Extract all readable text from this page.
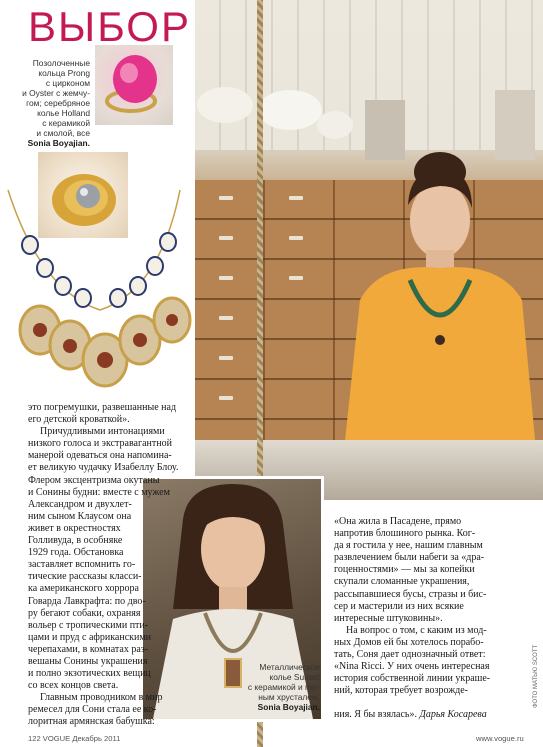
ВЫБОР
Позолоченные
кольца Prong
с цирконом
и Oyster с жемчу-
гом; серебряное
колье Holland
с керамикой
и смолой, все
Sonia Boyajian.
Металлическое
колье Sunset
с керамикой и гор-
ным хрусталем,
Sonia Boyajian.
это погремушки, развешанные над
его детской кроваткой».
Причудливыми интонациями
низкого голоса и экстравагантной
манерой одеваться она напомина-
ет великую чудачку Изабеллу Блоу.
Флером эксцентризма окутаны
и Сонины будни: вместе с мужем
Александром и двухлет-
ним сыном Клаусом она
живет в окрестностях
Голливуда, в особняке
1929 года. Обстановка
заставляет вспомнить го-
тические рассказы класси-
ка американского хоррора
Говарда Лавкрафта: по дво-
ру бегают собаки, охраняя
вольер с тропическими пти-
цами и пруд с африканскими
черепахами, в комнатах раз-
вешаны Сонины украшения
и полно экзотических вещиц
со всех концов света.
Главным проводником в мир
ремесел для Сони стала ее ко-
лоритная армянская бабушка:
«Она жила в Пасадене, прямо
напротив блошиного рынка. Ког-
да я гостила у нее, нашим главным
развлечением были набеги за «дра-
гоценностями» — мы за копейки
скупали сломанные украшения,
рассыпавшиеся бусы, стразы и бис-
сер и мастерили из них всякие
интересные штуковины».
На вопрос о том, с каким из мод-
ных Домов ей бы хотелось порабо-
тать, Соня дает однозначный ответ:
«Nina Ricci. У них очень интересная
история собственной линии украше-
ний, которая требует возрожде-
ния. Я бы взялась». Дарья Косарева
122 VOGUE Декабрь 2011	www.vogue.ru
ФОТО МАТЬЮ SCOTT
